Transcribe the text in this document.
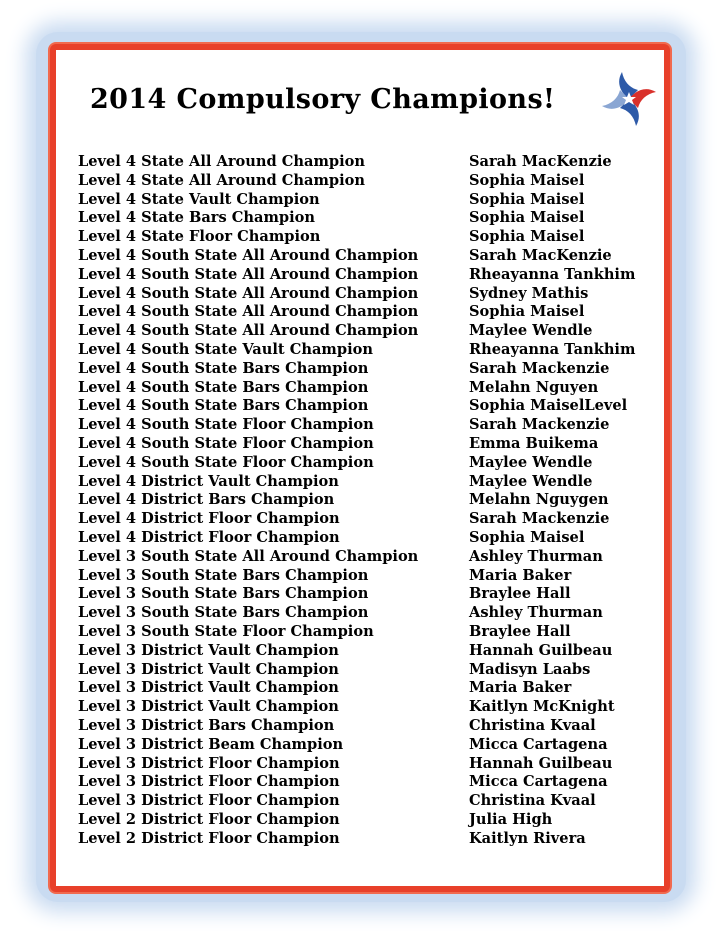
2014 Compulsory Champions!
Level 4 State All Around Champion	Sarah MacKenzie
Level 4 State All Around Champion	Sophia Maisel
Level 4 State Vault Champion	Sophia Maisel
Level 4 State Bars Champion	Sophia Maisel
Level 4 State Floor Champion	Sophia Maisel
Level 4 South State All Around Champion	Sarah MacKenzie
Level 4 South State All Around Champion	Rheayanna Tankhim
Level 4 South State All Around Champion	Sydney Mathis
Level 4 South State All Around Champion	Sophia Maisel
Level 4 South State All Around Champion	Maylee Wendle
Level 4 South State Vault Champion	Rheayanna Tankhim
Level 4 South State Bars Champion	Sarah Mackenzie
Level 4 South State Bars Champion	Melahn Nguyen
Level 4 South State Bars Champion	Sophia MaiselLevel
Level 4 South State Floor Champion	Sarah Mackenzie
Level 4 South State Floor Champion	Emma Buikema
Level 4 South State Floor Champion	Maylee Wendle
Level 4 District Vault Champion	Maylee Wendle
Level 4 District Bars Champion	Melahn Nguygen
Level 4 District Floor Champion	Sarah Mackenzie
Level 4 District Floor Champion	Sophia Maisel
Level 3 South State All Around Champion	Ashley Thurman
Level 3 South State Bars Champion	Maria Baker
Level 3 South State Bars Champion	Braylee Hall
Level 3 South State Bars Champion	Ashley Thurman
Level 3 South State Floor Champion	Braylee Hall
Level 3 District Vault Champion	Hannah Guilbeau
Level 3 District Vault Champion	Madisyn Laabs
Level 3 District Vault Champion	Maria Baker
Level 3 District Vault Champion	Kaitlyn McKnight
Level 3 District Bars Champion	Christina Kvaal
Level 3 District Beam Champion	Micca Cartagena
Level 3 District Floor Champion	Hannah Guilbeau
Level 3 District Floor Champion	Micca Cartagena
Level 3 District Floor Champion	Christina Kvaal
Level 2 District Floor Champion	Julia High
Level 2 District Floor Champion	Kaitlyn Rivera
